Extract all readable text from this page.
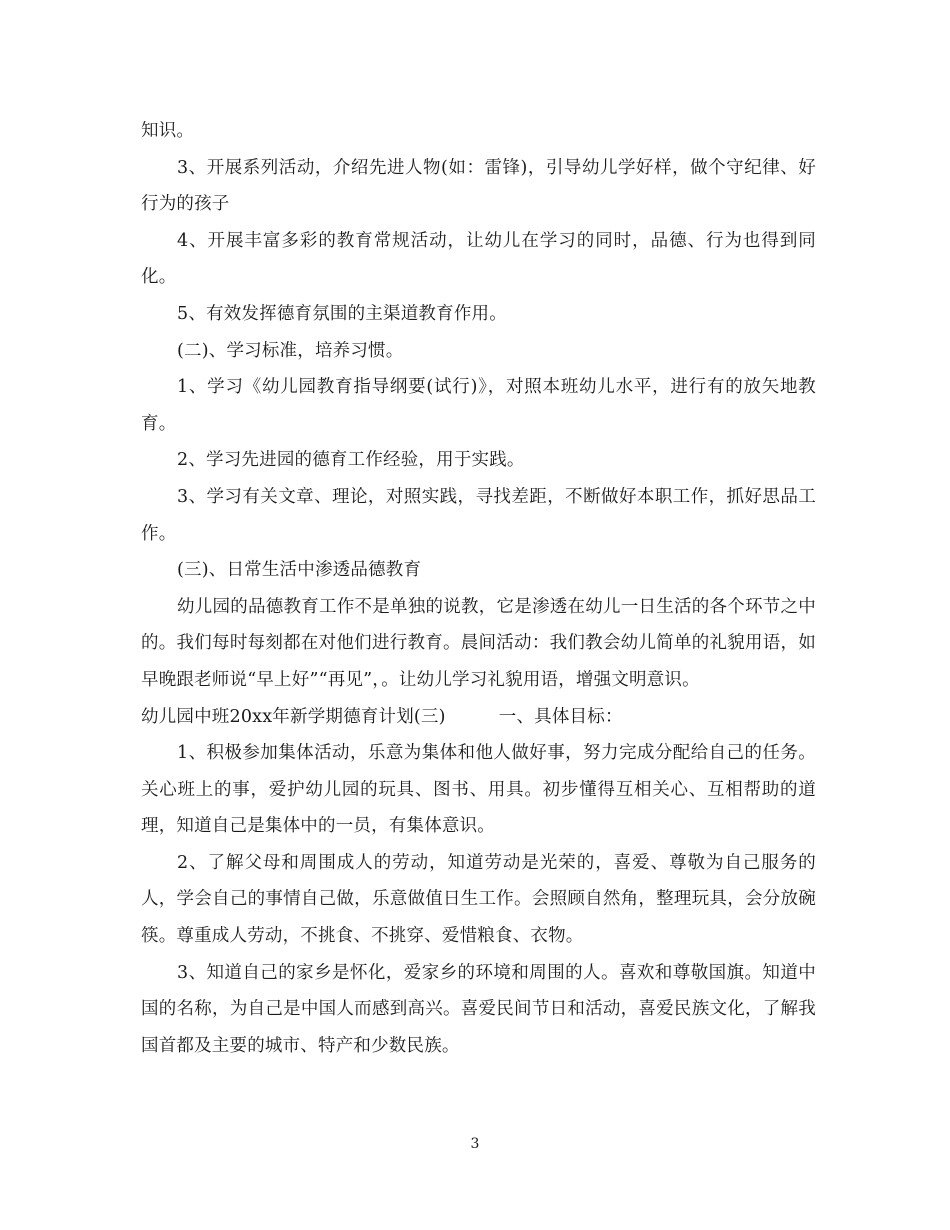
知识。

3、开展系列活动，介绍先进人物(如：雷锋)，引导幼儿学好样，做个守纪律、好行为的孩子

4、开展丰富多彩的教育常规活动，让幼儿在学习的同时，品德、行为也得到同化。

5、有效发挥德育氛围的主渠道教育作用。

(二)、学习标准，培养习惯。

1、学习《幼儿园教育指导纲要(试行)》，对照本班幼儿水平，进行有的放矢地教育。

2、学习先进园的德育工作经验，用于实践。

3、学习有关文章、理论，对照实践，寻找差距，不断做好本职工作，抓好思品工作。

(三)、日常生活中渗透品德教育

幼儿园的品德教育工作不是单独的说教，它是渗透在幼儿一日生活的各个环节之中的。我们每时每刻都在对他们进行教育。晨间活动：我们教会幼儿简单的礼貌用语，如早晚跟老师说“早上好”“再见”，。让幼儿学习礼貌用语，增强文明意识。

幼儿园中班20xx年新学期德育计划(三)　　　一、具体目标：

1、积极参加集体活动，乐意为集体和他人做好事，努力完成分配给自己的任务。关心班上的事，爱护幼儿园的玩具、图书、用具。初步懂得互相关心、互相帮助的道理，知道自己是集体中的一员，有集体意识。

2、了解父母和周围成人的劳动，知道劳动是光荣的，喜爱、尊敬为自己服务的人，学会自己的事情自己做，乐意做值日生工作。会照顾自然角，整理玩具，会分放碗筷。尊重成人劳动，不挑食、不挑穿、爱惜粮食、衣物。

3、知道自己的家乡是怀化，爱家乡的环境和周围的人。喜欢和尊敬国旗。知道中国的名称，为自己是中国人而感到高兴。喜爱民间节日和活动，喜爱民族文化，了解我国首都及主要的城市、特产和少数民族。

3
